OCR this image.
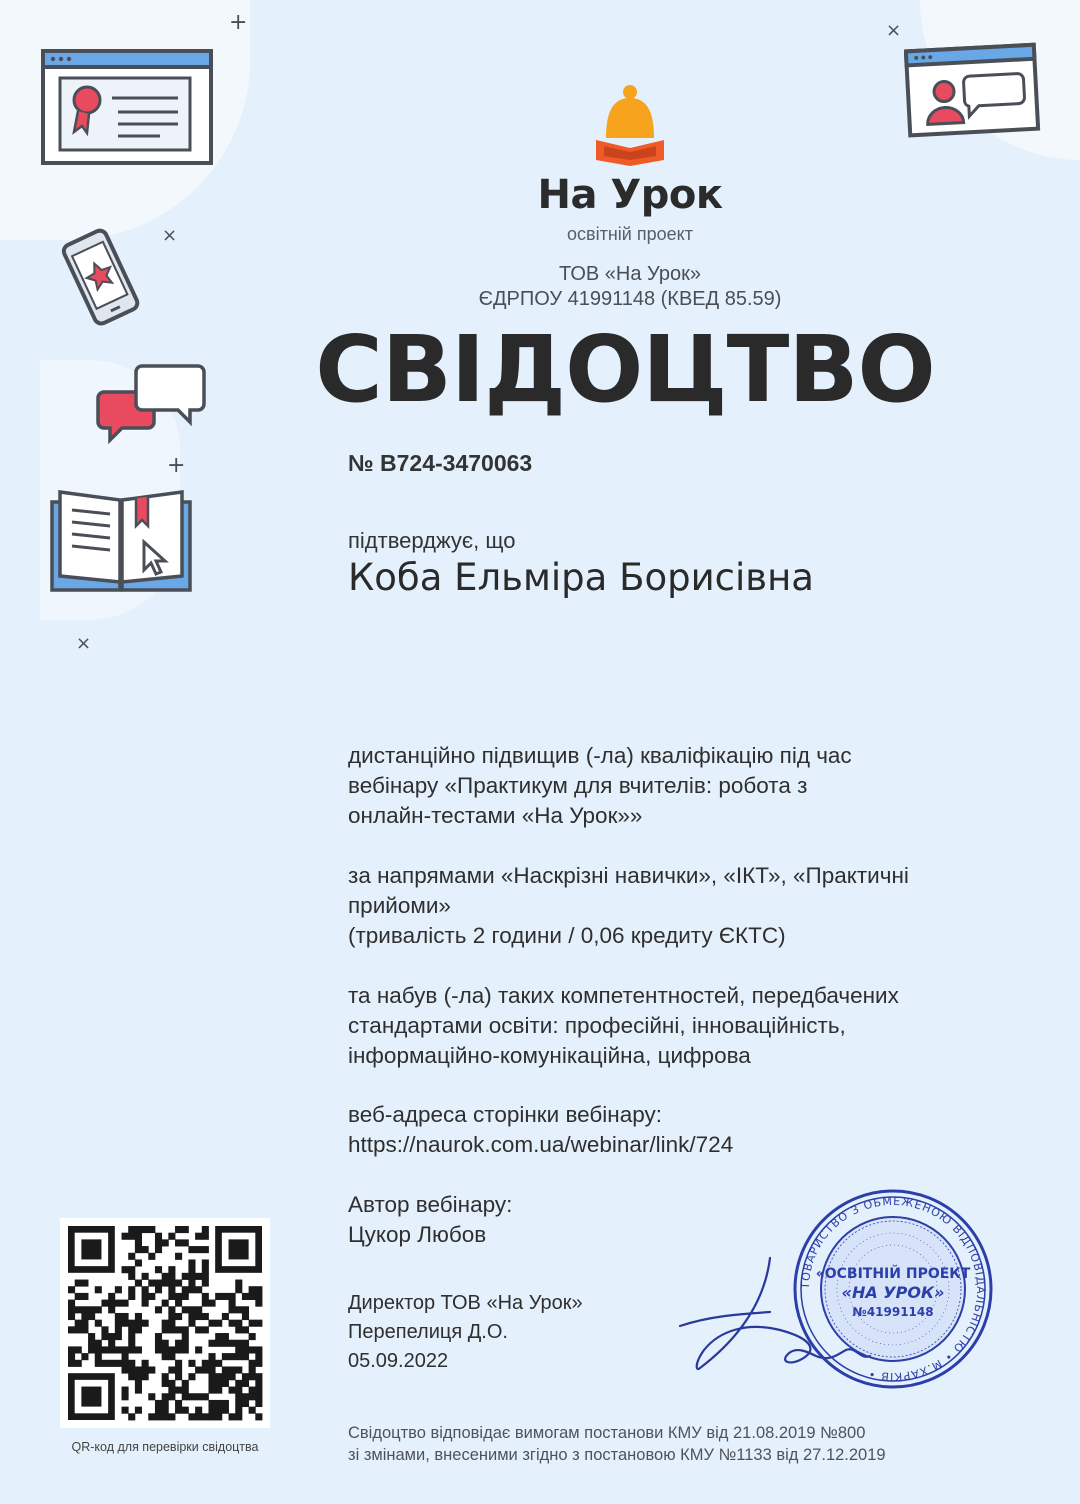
+	×
×
+
×
На Урок
освітній проект
ТОВ «На Урок»
ЄДРПОУ 41991148 (КВЕД 85.59)
СВІДОЦТВО
№ B724-3470063
підтверджує, що
Коба Ельміра Борисівна
дистанційно підвищив (-ла) кваліфікацію під час
вебінару «Практикум для вчителів: робота з
онлайн-тестами «На Урок»»
за напрямами «Наскрізні навички», «ІКТ», «Практичні
прийоми»
(тривалість 2 години / 0,06 кредиту ЄКТС)
та набув (-ла) таких компетентностей, передбачених
стандартами освіти: професійні, інноваційність,
інформаційно-комунікаційна, цифрова
веб-адреса сторінки вебінару:
https://naurok.com.ua/webinar/link/724
Автор вебінару:
Цукор Любов
Директор ТОВ «На Урок»
Перепелиця Д.О.
05.09.2022
QR-код для перевірки свідоцтва
ТОВАРИСТВО З ОБМЕЖЕНОЮ ВІДПОВІДАЛЬНІСТЮ • М.ХАРКІВ •
«ОСВІТНІЙ ПРОЕКТ
«НА УРОК»
№41991148
Свідоцтво відповідає вимогам постанови КМУ від 21.08.2019 №800
зі змінами, внесеними згідно з постановою КМУ №1133 від 27.12.2019
